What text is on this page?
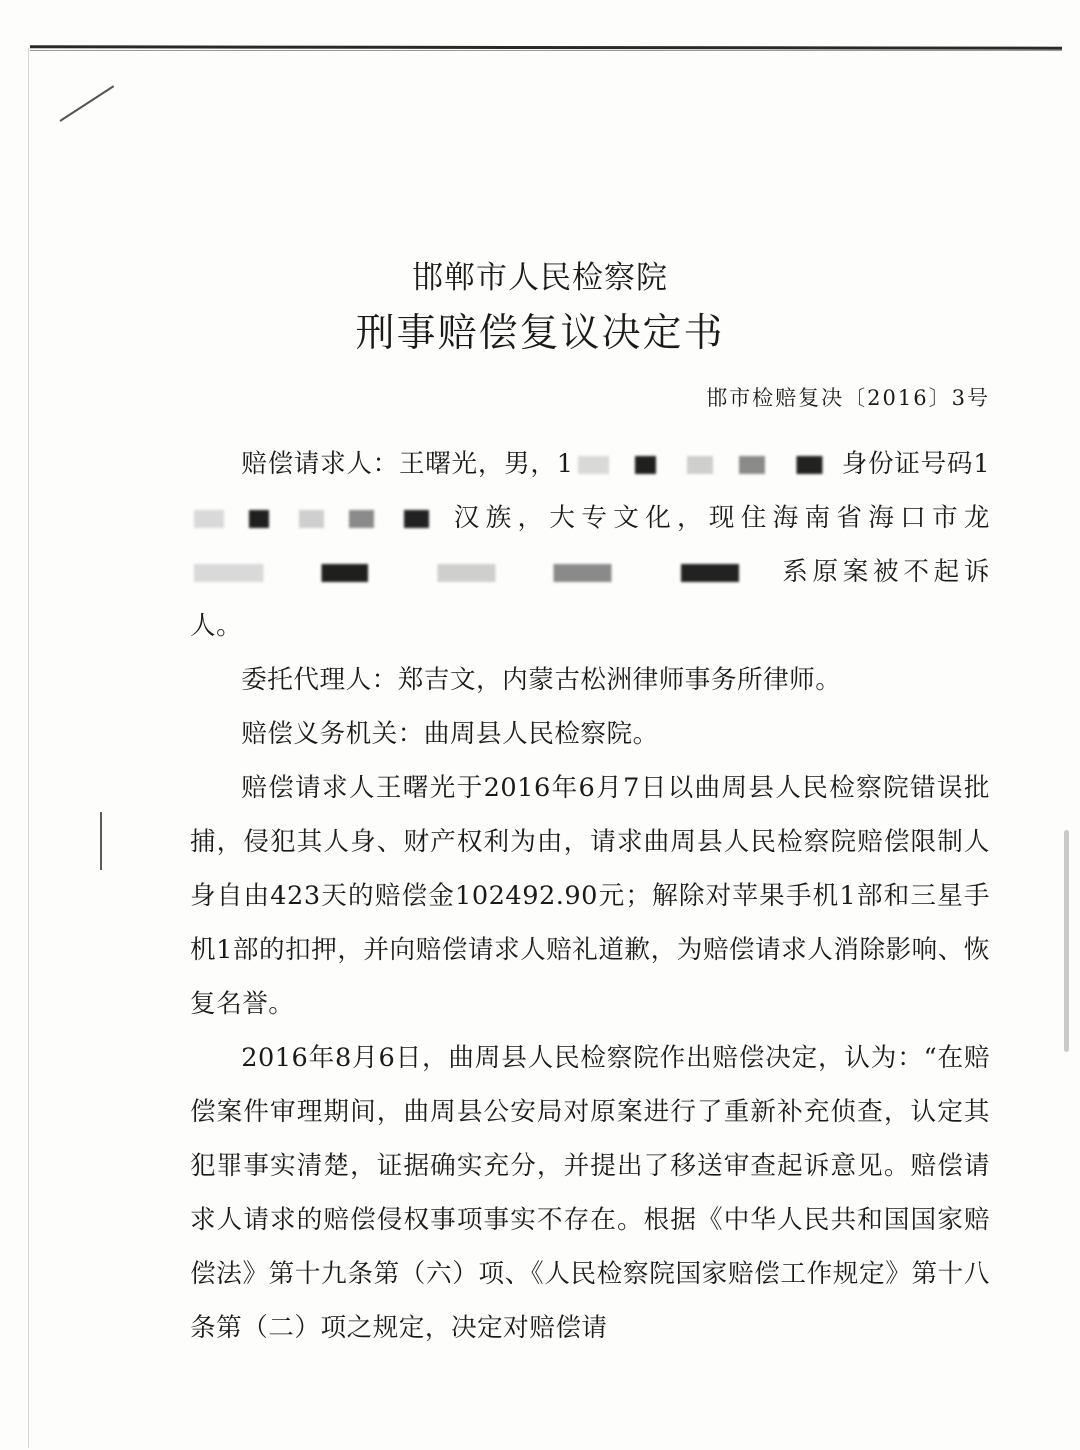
邯郸市人民检察院
刑事赔偿复议决定书
邯市检赔复决〔2016〕3号

赔偿请求人：王曙光，男，1	身份证号码1汉族，大专文化，现住海南省海口市龙系原案被不起诉人。

委托代理人：郑吉文，内蒙古松洲律师事务所律师。

赔偿义务机关：曲周县人民检察院。

赔偿请求人王曙光于2016年6月7日以曲周县人民检察院错误批捕，侵犯其人身、财产权利为由，请求曲周县人民检察院赔偿限制人身自由423天的赔偿金102492.90元；解除对苹果手机1部和三星手机1部的扣押，并向赔偿请求人赔礼道歉，为赔偿请求人消除影响、恢复名誉。

2016年8月6日，曲周县人民检察院作出赔偿决定，认为：“在赔偿案件审理期间，曲周县公安局对原案进行了重新补充侦查，认定其犯罪事实清楚，证据确实充分，并提出了移送审查起诉意见。赔偿请求人请求的赔偿侵权事项事实不存在。根据《中华人民共和国国家赔偿法》第十九条第（六）项、《人民检察院国家赔偿工作规定》第十八条第（二）项之规定，决定对赔偿请
